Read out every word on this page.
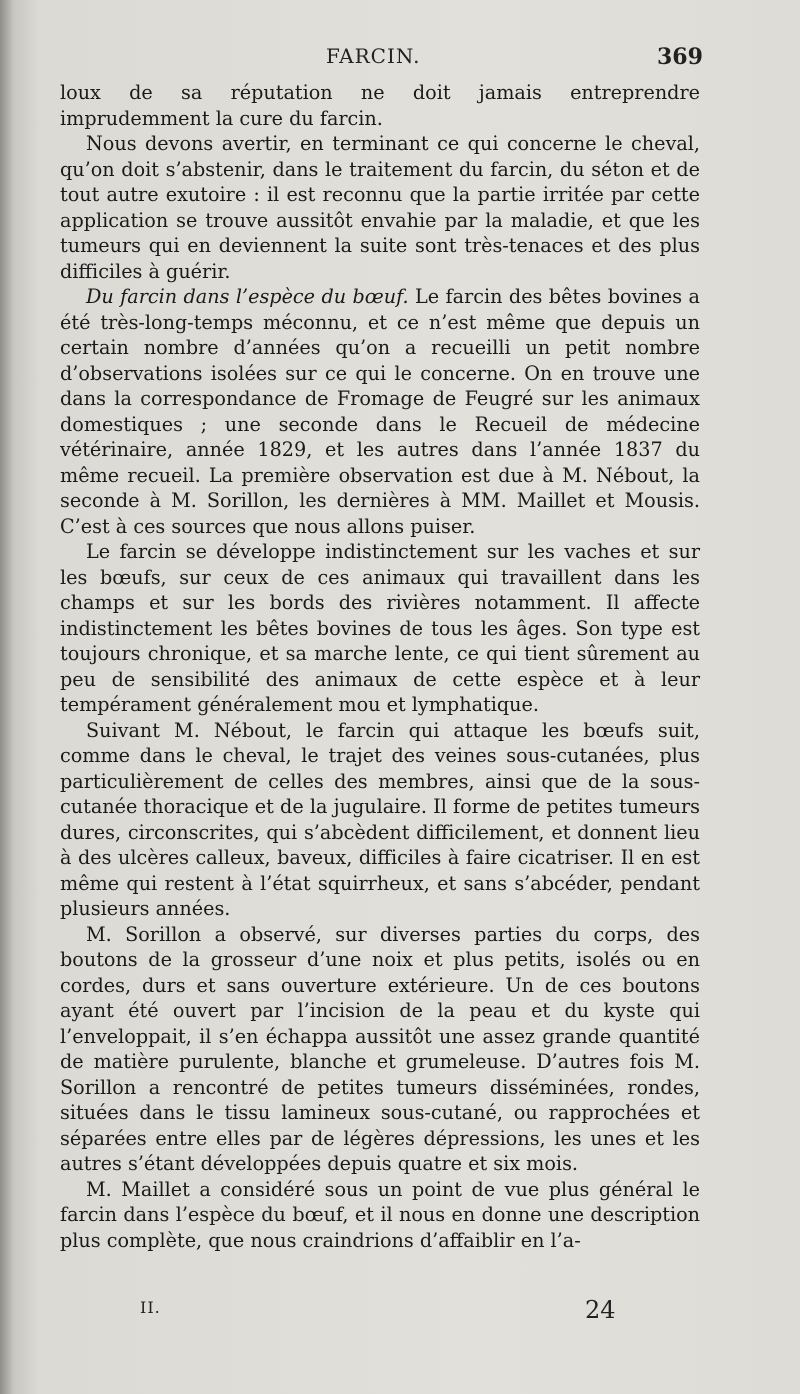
FARCIN.	369

loux de sa réputation ne doit jamais entreprendre imprudemment la cure du farcin.

Nous devons avertir, en terminant ce qui concerne le cheval, qu’on doit s’abstenir, dans le traitement du farcin, du séton et de tout autre exutoire : il est reconnu que la partie irritée par cette application se trouve aussitôt envahie par la maladie, et que les tumeurs qui en deviennent la suite sont très-tenaces et des plus difficiles à guérir.

Du farcin dans l’espèce du bœuf. Le farcin des bêtes bovines a été très-long-temps méconnu, et ce n’est même que depuis un certain nombre d’années qu’on a recueilli un petit nombre d’observations isolées sur ce qui le concerne. On en trouve une dans la correspondance de Fromage de Feugré sur les animaux domestiques ; une seconde dans le Recueil de médecine vétérinaire, année 1829, et les autres dans l’année 1837 du même recueil. La première observation est due à M. Nébout, la seconde à M. Sorillon, les dernières à MM. Maillet et Mousis. C’est à ces sources que nous allons puiser.

Le farcin se développe indistinctement sur les vaches et sur les bœufs, sur ceux de ces animaux qui travaillent dans les champs et sur les bords des rivières notamment. Il affecte indistinctement les bêtes bovines de tous les âges. Son type est toujours chronique, et sa marche lente, ce qui tient sûrement au peu de sensibilité des animaux de cette espèce et à leur tempérament généralement mou et lymphatique.

Suivant M. Nébout, le farcin qui attaque les bœufs suit, comme dans le cheval, le trajet des veines sous-cutanées, plus particulièrement de celles des membres, ainsi que de la sous-cutanée thoracique et de la jugulaire. Il forme de petites tumeurs dures, circonscrites, qui s’abcèdent difficilement, et donnent lieu à des ulcères calleux, baveux, difficiles à faire cicatriser. Il en est même qui restent à l’état squirrheux, et sans s’abcéder, pendant plusieurs années.

M. Sorillon a observé, sur diverses parties du corps, des boutons de la grosseur d’une noix et plus petits, isolés ou en cordes, durs et sans ouverture extérieure. Un de ces boutons ayant été ouvert par l’incision de la peau et du kyste qui l’enveloppait, il s’en échappa aussitôt une assez grande quantité de matière purulente, blanche et grumeleuse. D’autres fois M. Sorillon a rencontré de petites tumeurs disséminées, rondes, situées dans le tissu lamineux sous-cutané, ou rapprochées et séparées entre elles par de légères dépressions, les unes et les autres s’étant développées depuis quatre et six mois.

M. Maillet a considéré sous un point de vue plus général le farcin dans l’espèce du bœuf, et il nous en donne une description plus complète, que nous craindrions d’affaiblir en l’a-

II.	24
